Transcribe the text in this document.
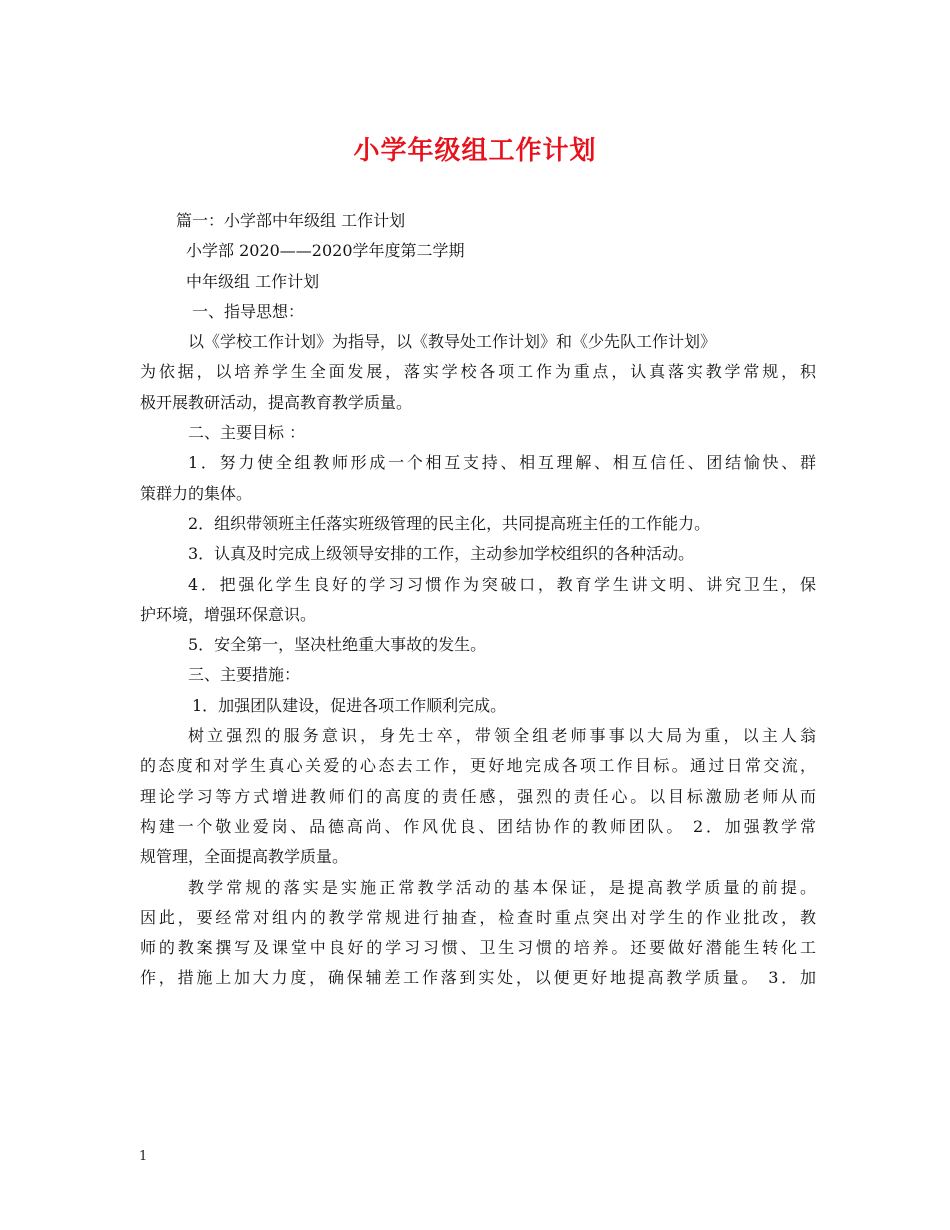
小学年级组工作计划

篇一：小学部中年级组 工作计划

小学部 2020——2020学年度第二学期

中年级组 工作计划

一、指导思想：

以《学校工作计划》为指导，以《教导处工作计划》和《少先队工作计划》

为依据，以培养学生全面发展，落实学校各项工作为重点，认真落实教学常规，积

极开展教研活动，提高教育教学质量。

二、主要目标 ：

1．努力使全组教师形成一个相互支持、相互理解、相互信任、团结愉快、群

策群力的集体。

2．组织带领班主任落实班级管理的民主化，共同提高班主任的工作能力。

3．认真及时完成上级领导安排的工作，主动参加学校组织的各种活动。

4．把强化学生良好的学习习惯作为突破口，教育学生讲文明、讲究卫生，保

护环境，增强环保意识。

5．安全第一，坚决杜绝重大事故的发生。

三、主要措施：

1．加强团队建设，促进各项工作顺利完成。

树立强烈的服务意识，身先士卒，带领全组老师事事以大局为重，以主人翁

的态度和对学生真心关爱的心态去工作，更好地完成各项工作目标。通过日常交流，

理论学习等方式增进教师们的高度的责任感，强烈的责任心。以目标激励老师从而

构建一个敬业爱岗、品德高尚、作风优良、团结协作的教师团队。 2．加强教学常

规管理，全面提高教学质量。

教学常规的落实是实施正常教学活动的基本保证，是提高教学质量的前提。

因此，要经常对组内的教学常规进行抽查，检查时重点突出对学生的作业批改，教

师的教案撰写及课堂中良好的学习习惯、卫生习惯的培养。还要做好潜能生转化工

作，措施上加大力度，确保辅差工作落到实处，以便更好地提高教学质量。 3．加

1
